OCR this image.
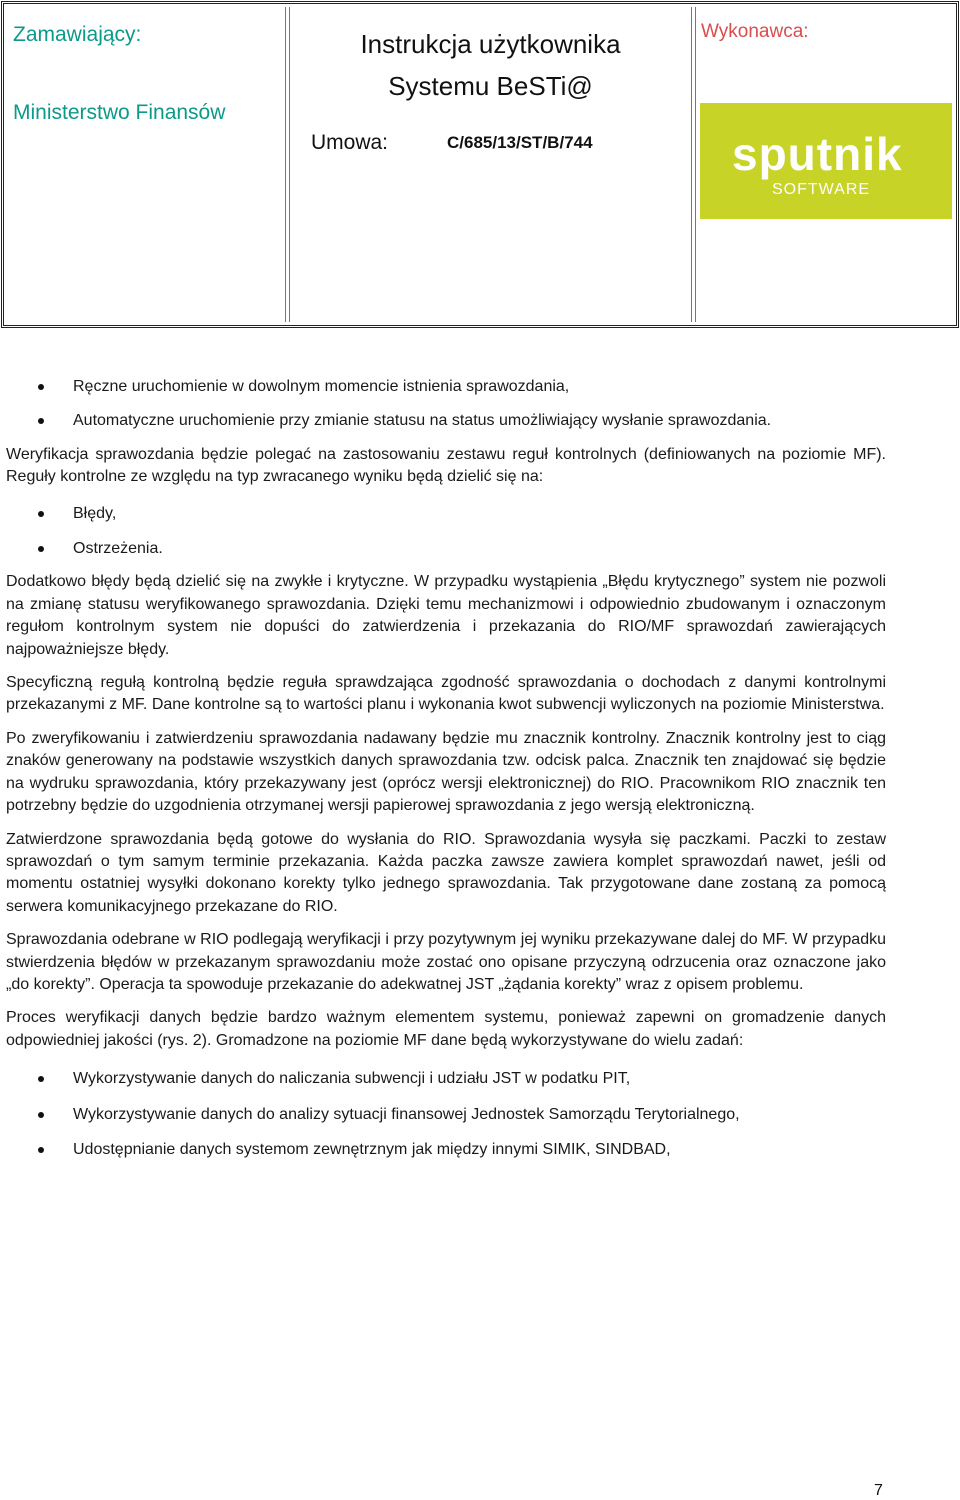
Zamawiający:
Ministerstwo Finansów
Instrukcja użytkownika
Systemu BeSTi@
Umowa:	C/685/13/ST/B/744
Wykonawca:
sputnik
SOFTWARE
Ręczne uruchomienie w dowolnym momencie istnienia sprawozdania,
Automatyczne uruchomienie przy zmianie statusu na status umożliwiający wysłanie sprawozdania.

Weryfikacja sprawozdania będzie polegać na zastosowaniu zestawu reguł kontrolnych (definiowanych na poziomie MF). Reguły kontrolne ze względu na typ zwracanego wyniku będą dzielić się na:

Błędy,
Ostrzeżenia.

Dodatkowo błędy będą dzielić się na zwykłe i krytyczne. W przypadku wystąpienia „Błędu krytycznego” system nie pozwoli na zmianę statusu weryfikowanego sprawozdania. Dzięki temu mechanizmowi i odpowiednio zbudowanym i oznaczonym regułom kontrolnym system nie dopuści do zatwierdzenia i przekazania do RIO/MF sprawozdań zawierających najpoważniejsze błędy.

Specyficzną regułą kontrolną będzie reguła sprawdzająca zgodność sprawozdania o dochodach z danymi kontrolnymi przekazanymi z MF. Dane kontrolne są to wartości planu i wykonania kwot subwencji wyliczonych na poziomie Ministerstwa.

Po zweryfikowaniu i zatwierdzeniu sprawozdania nadawany będzie mu znacznik kontrolny. Znacznik kontrolny jest to ciąg znaków generowany na podstawie wszystkich danych sprawozdania tzw. odcisk palca. Znacznik ten znajdować się będzie na wydruku sprawozdania, który przekazywany jest (oprócz wersji elektronicznej) do RIO. Pracownikom RIO znacznik ten potrzebny będzie do uzgodnienia otrzymanej wersji papierowej sprawozdania z jego wersją elektroniczną.

Zatwierdzone sprawozdania będą gotowe do wysłania do RIO. Sprawozdania wysyła się paczkami. Paczki to zestaw sprawozdań o tym samym terminie przekazania. Każda paczka zawsze zawiera komplet sprawozdań nawet, jeśli od momentu ostatniej wysyłki dokonano korekty tylko jednego sprawozdania. Tak przygotowane dane zostaną za pomocą serwera komunikacyjnego przekazane do RIO.

Sprawozdania odebrane w RIO podlegają weryfikacji i przy pozytywnym jej wyniku przekazywane dalej do MF. W przypadku stwierdzenia błędów w przekazanym sprawozdaniu może zostać ono opisane przyczyną odrzucenia oraz oznaczone jako „do korekty”. Operacja ta spowoduje przekazanie do adekwatnej JST „żądania korekty” wraz z opisem problemu.

Proces weryfikacji danych będzie bardzo ważnym elementem systemu, ponieważ zapewni on gromadzenie danych odpowiedniej jakości (rys. 2). Gromadzone na poziomie MF dane będą wykorzystywane do wielu zadań:

Wykorzystywanie danych do naliczania subwencji i udziału JST w podatku PIT,
Wykorzystywanie danych do analizy sytuacji finansowej Jednostek Samorządu Terytorialnego,
Udostępnianie danych systemom zewnętrznym jak między innymi SIMIK, SINDBAD,
7
